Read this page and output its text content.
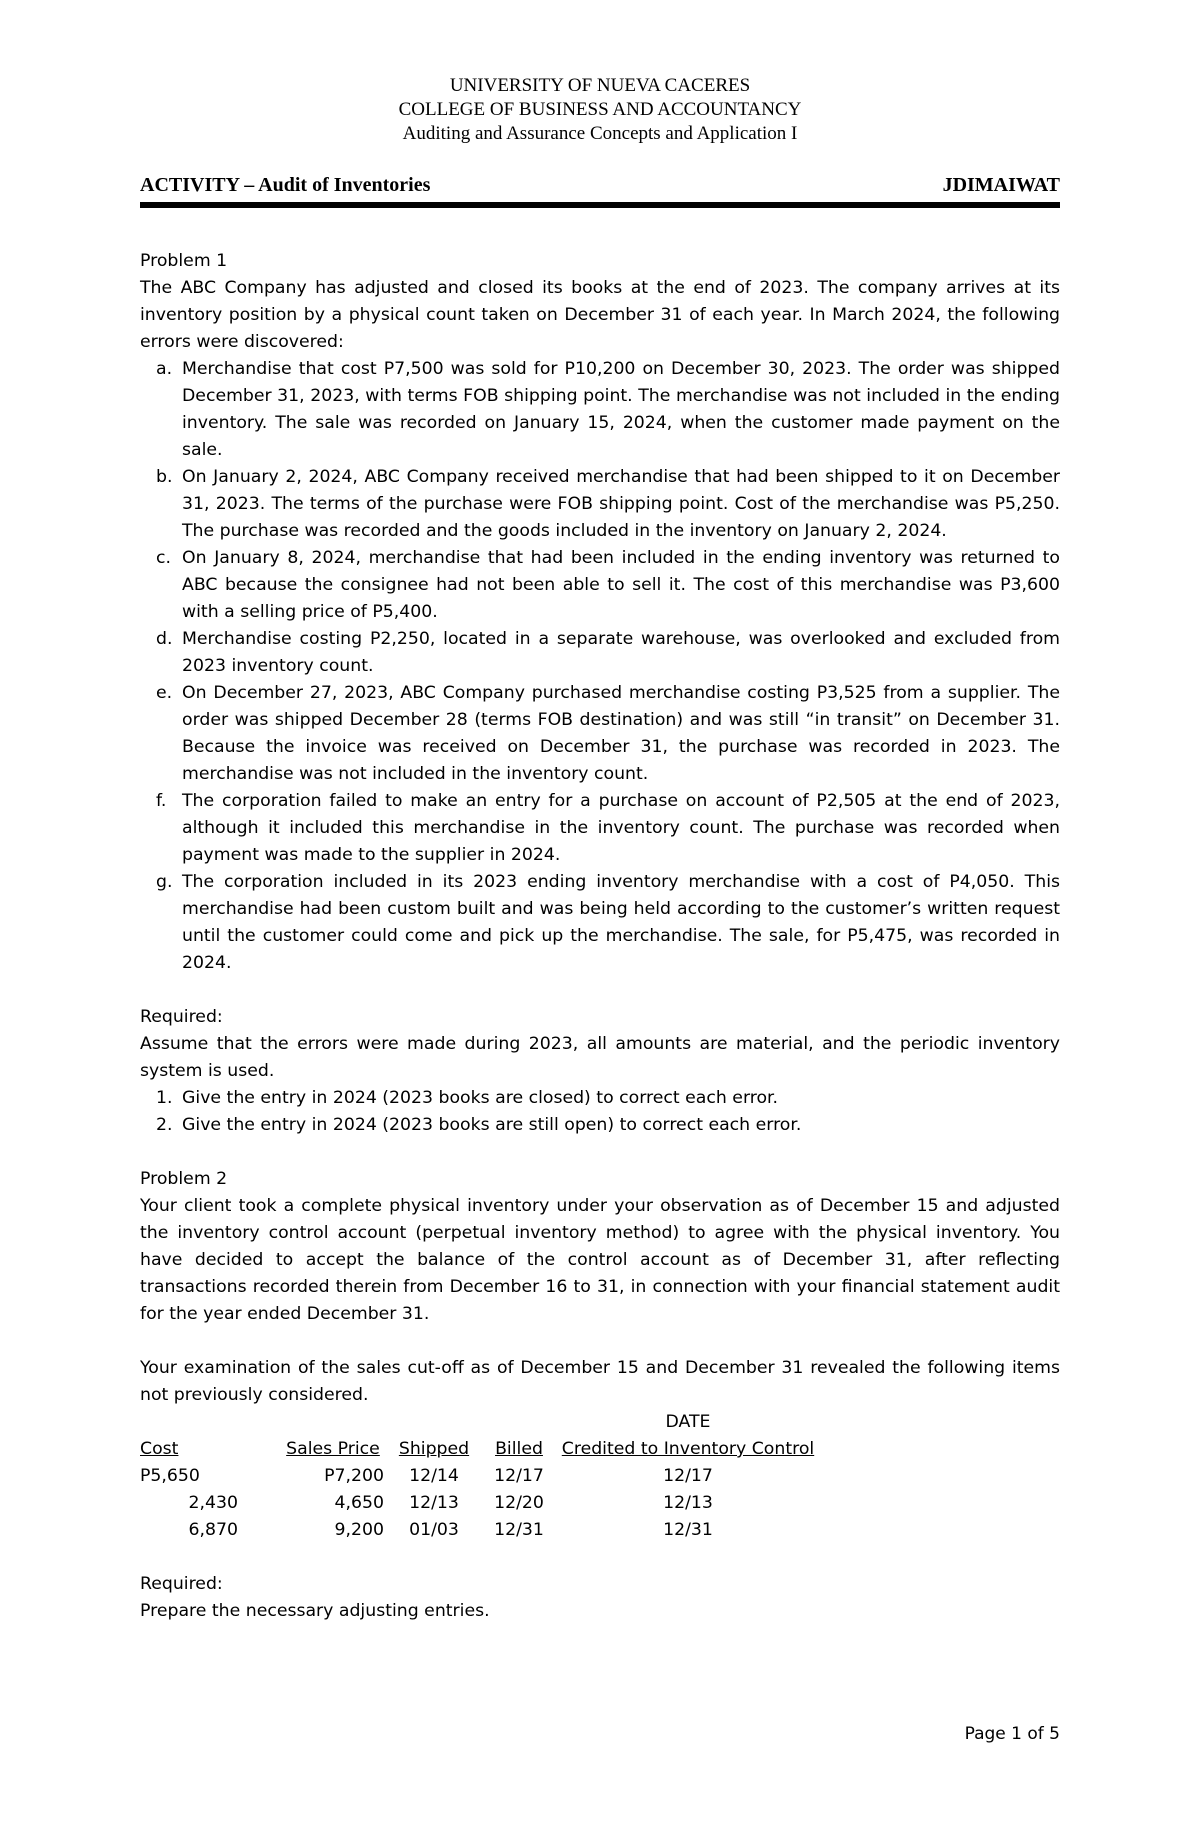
UNIVERSITY OF NUEVA CACERES
COLLEGE OF BUSINESS AND ACCOUNTANCY
Auditing and Assurance Concepts and Application I
ACTIVITY – Audit of Inventories	JDIMAIWAT

Problem 1

The ABC Company has adjusted and closed its books at the end of 2023. The company arrives at its inventory position by a physical count taken on December 31 of each year. In March 2024, the following errors were discovered:

a. Merchandise that cost P7,500 was sold for P10,200 on December 30, 2023. The order was shipped December 31, 2023, with terms FOB shipping point. The merchandise was not included in the ending inventory. The sale was recorded on January 15, 2024, when the customer made payment on the sale.
b. On January 2, 2024, ABC Company received merchandise that had been shipped to it on December 31, 2023. The terms of the purchase were FOB shipping point. Cost of the merchandise was P5,250. The purchase was recorded and the goods included in the inventory on January 2, 2024.
c. On January 8, 2024, merchandise that had been included in the ending inventory was returned to ABC because the consignee had not been able to sell it. The cost of this merchandise was P3,600 with a selling price of P5,400.
d. Merchandise costing P2,250, located in a separate warehouse, was overlooked and excluded from 2023 inventory count.
e. On December 27, 2023, ABC Company purchased merchandise costing P3,525 from a supplier. The order was shipped December 28 (terms FOB destination) and was still “in transit” on December 31. Because the invoice was received on December 31, the purchase was recorded in 2023. The merchandise was not included in the inventory count.
f. The corporation failed to make an entry for a purchase on account of P2,505 at the end of 2023, although it included this merchandise in the inventory count. The purchase was recorded when payment was made to the supplier in 2024.
g. The corporation included in its 2023 ending inventory merchandise with a cost of P4,050. This merchandise had been custom built and was being held according to the customer’s written request until the customer could come and pick up the merchandise. The sale, for P5,475, was recorded in 2024.

Required:

Assume that the errors were made during 2023, all amounts are material, and the periodic inventory system is used.

1. Give the entry in 2024 (2023 books are closed) to correct each error.
2. Give the entry in 2024 (2023 books are still open) to correct each error.

Problem 2

Your client took a complete physical inventory under your observation as of December 15 and adjusted the inventory control account (perpetual inventory method) to agree with the physical inventory. You have decided to accept the balance of the control account as of December 31, after reflecting transactions recorded therein from December 16 to 31, in connection with your financial statement audit for the year ended December 31.

Your examination of the sales cut-off as of December 15 and December 31 revealed the following items not previously considered.

				DATE
Cost	Sales Price	Shipped	Billed	Credited to Inventory Control
P5,650	P7,200	12/14	12/17	12/17
2,430	4,650	12/13	12/20	12/13
6,870	9,200	01/03	12/31	12/31

Required:

Prepare the necessary adjusting entries.

Page 1 of 5
